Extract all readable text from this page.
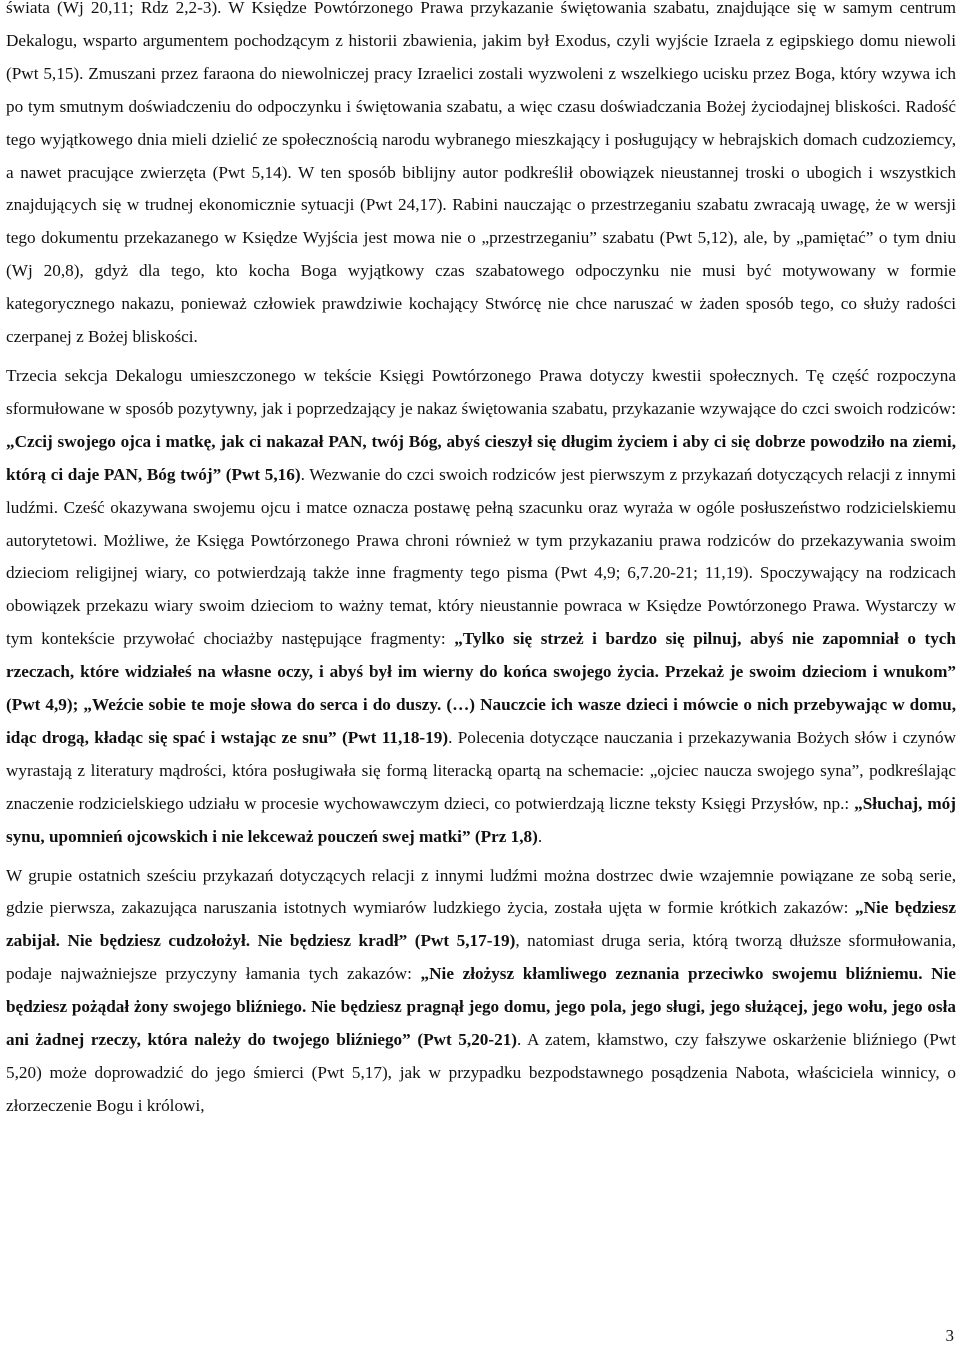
świata (Wj 20,11; Rdz 2,2-3). W Księdze Powtórzonego Prawa przykazanie świętowania szabatu, znajdujące się w samym centrum Dekalogu, wsparto argumentem pochodzącym z historii zbawienia, jakim był Exodus, czyli wyjście Izraela z egipskiego domu niewoli (Pwt 5,15). Zmuszani przez faraona do niewolniczej pracy Izraelici zostali wyzwoleni z wszelkiego ucisku przez Boga, który wzywa ich po tym smutnym doświadczeniu do odpoczynku i świętowania szabatu, a więc czasu doświadczania Bożej życiodajnej bliskości. Radość tego wyjątkowego dnia mieli dzielić ze społecznością narodu wybranego mieszkający i posługujący w hebrajskich domach cudzoziemcy, a nawet pracujące zwierzęta (Pwt 5,14). W ten sposób biblijny autor podkreślił obowiązek nieustannej troski o ubogich i wszystkich znajdujących się w trudnej ekonomicznie sytuacji (Pwt 24,17). Rabini nauczając o przestrzeganiu szabatu zwracają uwagę, że w wersji tego dokumentu przekazanego w Księdze Wyjścia jest mowa nie o „przestrzeganiu” szabatu (Pwt 5,12), ale, by „pamiętać” o tym dniu (Wj 20,8), gdyż dla tego, kto kocha Boga wyjątkowy czas szabatowego odpoczynku nie musi być motywowany w formie kategorycznego nakazu, ponieważ człowiek prawdziwie kochający Stwórcę nie chce naruszać w żaden sposób tego, co służy radości czerpanej z Bożej bliskości.

Trzecia sekcja Dekalogu umieszczonego w tekście Księgi Powtórzonego Prawa dotyczy kwestii społecznych. Tę część rozpoczyna sformułowane w sposób pozytywny, jak i poprzedzający je nakaz świętowania szabatu, przykazanie wzywające do czci swoich rodziców: „Czcij swojego ojca i matkę, jak ci nakazał PAN, twój Bóg, abyś cieszył się długim życiem i aby ci się dobrze powodziło na ziemi, którą ci daje PAN, Bóg twój” (Pwt 5,16). Wezwanie do czci swoich rodziców jest pierwszym z przykazań dotyczących relacji z innymi ludźmi. Cześć okazywana swojemu ojcu i matce oznacza postawę pełną szacunku oraz wyraża w ogóle posłuszeństwo rodzicielskiemu autorytetowi. Możliwe, że Księga Powtórzonego Prawa chroni również w tym przykazaniu prawa rodziców do przekazywania swoim dzieciom religijnej wiary, co potwierdzają także inne fragmenty tego pisma (Pwt 4,9; 6,7.20-21; 11,19). Spoczywający na rodzicach obowiązek przekazu wiary swoim dzieciom to ważny temat, który nieustannie powraca w Księdze Powtórzonego Prawa. Wystarczy w tym kontekście przywołać chociażby następujące fragmenty: „Tylko się strzeż i bardzo się pilnuj, abyś nie zapomniał o tych rzeczach, które widziałeś na własne oczy, i abyś był im wierny do końca swojego życia. Przekaż je swoim dzieciom i wnukom” (Pwt 4,9); „Weźcie sobie te moje słowa do serca i do duszy. (…) Nauczcie ich wasze dzieci i mówcie o nich przebywając w domu, idąc drogą, kładąc się spać i wstając ze snu” (Pwt 11,18-19). Polecenia dotyczące nauczania i przekazywania Bożych słów i czynów wyrastają z literatury mądrości, która posługiwała się formą literacką opartą na schemacie: „ojciec naucza swojego syna”, podkreślając znaczenie rodzicielskiego udziału w procesie wychowawczym dzieci, co potwierdzają liczne teksty Księgi Przysłów, np.: „Słuchaj, mój synu, upomnień ojcowskich i nie lekceważ pouczeń swej matki” (Prz 1,8).

W grupie ostatnich sześciu przykazań dotyczących relacji z innymi ludźmi można dostrzec dwie wzajemnie powiązane ze sobą serie, gdzie pierwsza, zakazująca naruszania istotnych wymiarów ludzkiego życia, została ujęta w formie krótkich zakazów: „Nie będziesz zabijał. Nie będziesz cudzołożył. Nie będziesz kradł” (Pwt 5,17-19), natomiast druga seria, którą tworzą dłuższe sformułowania, podaje najważniejsze przyczyny łamania tych zakazów: „Nie złożysz kłamliwego zeznania przeciwko swojemu bliźniemu. Nie będziesz pożądał żony swojego bliźniego. Nie będziesz pragnął jego domu, jego pola, jego sługi, jego służącej, jego wołu, jego osła ani żadnej rzeczy, która należy do twojego bliźniego” (Pwt 5,20-21). A zatem, kłamstwo, czy fałszywe oskarżenie bliźniego (Pwt 5,20) może doprowadzić do jego śmierci (Pwt 5,17), jak w przypadku bezpodstawnego posądzenia Nabota, właściciela winnicy, o złorzeczenie Bogu i królowi,

3
